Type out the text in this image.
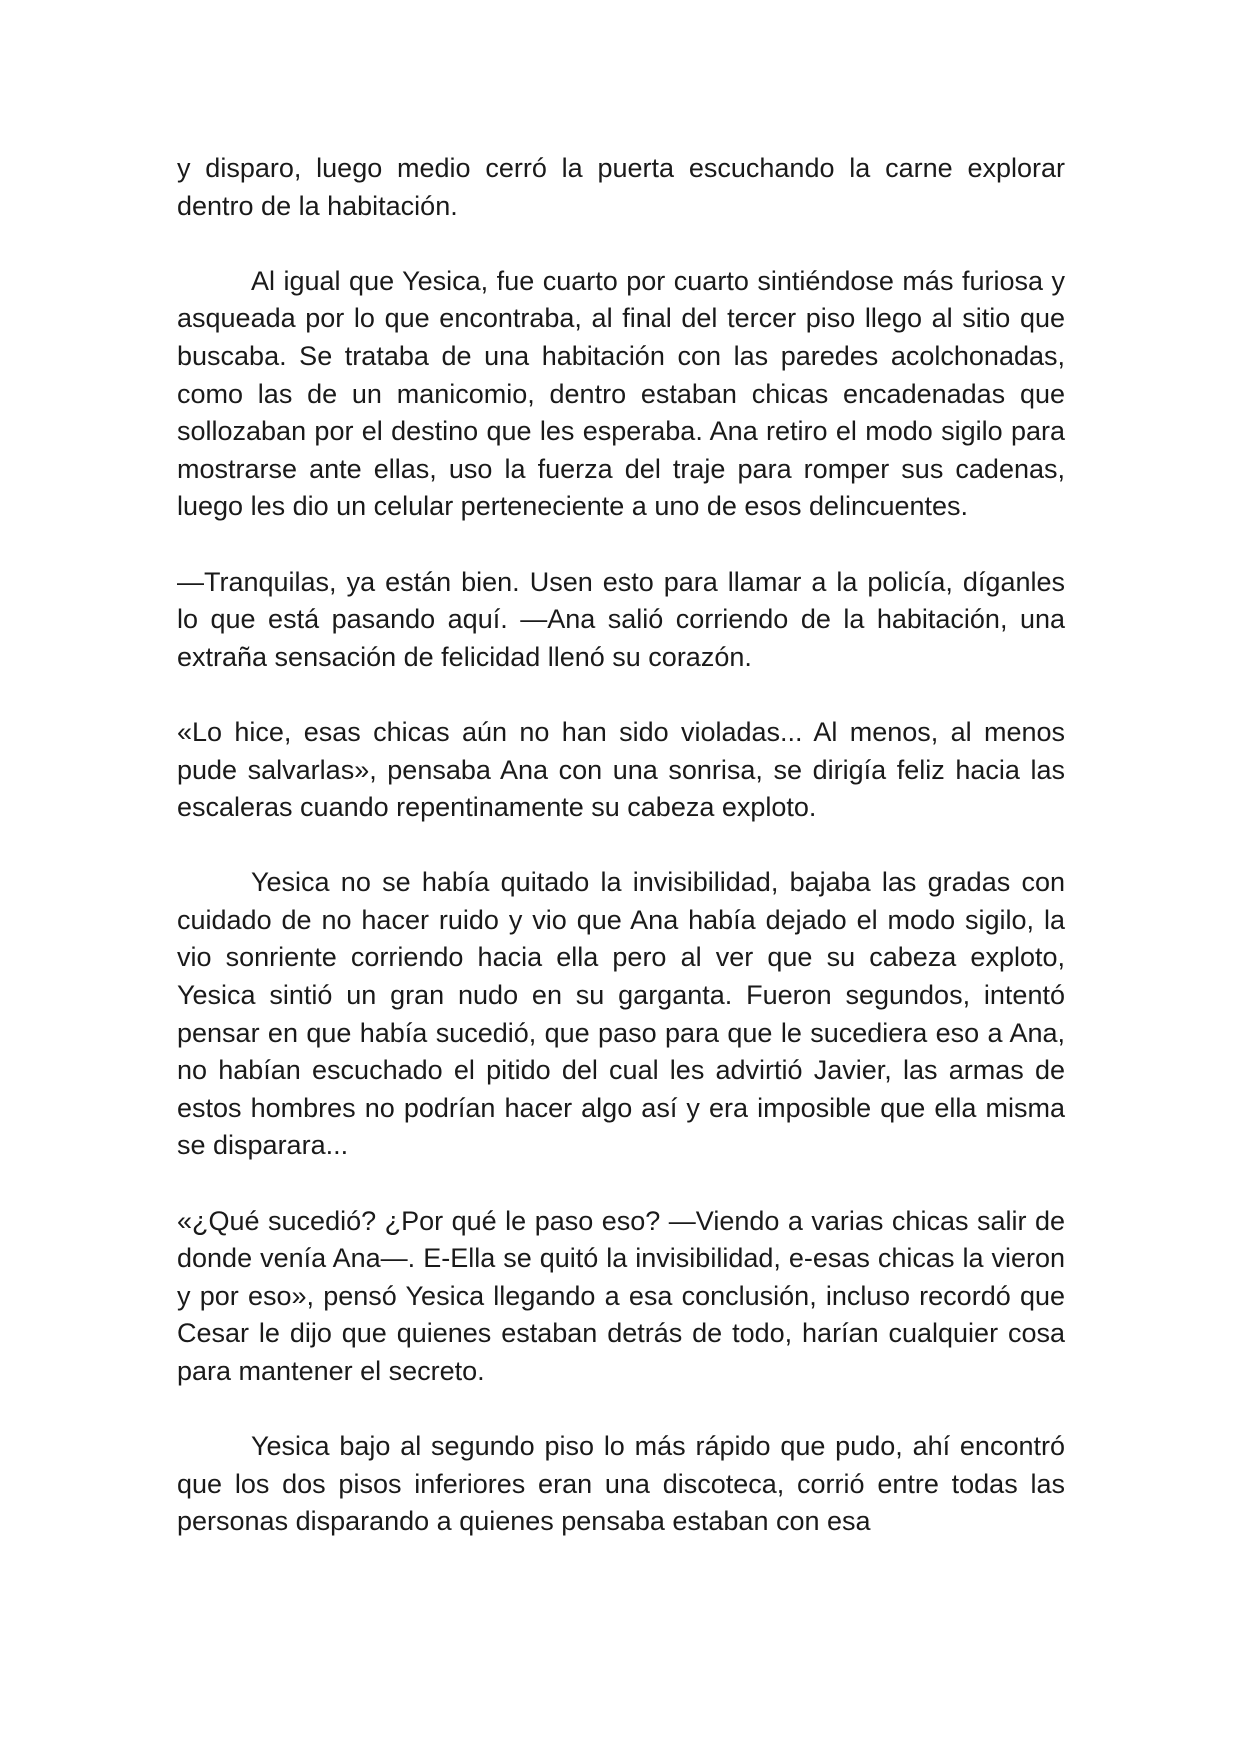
y disparo, luego medio cerró la puerta escuchando la carne explorar dentro de la habitación.

Al igual que Yesica, fue cuarto por cuarto sintiéndose más furiosa y asqueada por lo que encontraba, al final del tercer piso llego al sitio que buscaba. Se trataba de una habitación con las paredes acolchonadas, como las de un manicomio, dentro estaban chicas encadenadas que sollozaban por el destino que les esperaba. Ana retiro el modo sigilo para mostrarse ante ellas, uso la fuerza del traje para romper sus cadenas, luego les dio un celular perteneciente a uno de esos delincuentes.

—Tranquilas, ya están bien. Usen esto para llamar a la policía, díganles lo que está pasando aquí. —Ana salió corriendo de la habitación, una extraña sensación de felicidad llenó su corazón.

«Lo hice, esas chicas aún no han sido violadas... Al menos, al menos pude salvarlas», pensaba Ana con una sonrisa, se dirigía feliz hacia las escaleras cuando repentinamente su cabeza exploto.

Yesica no se había quitado la invisibilidad, bajaba las gradas con cuidado de no hacer ruido y vio que Ana había dejado el modo sigilo, la vio sonriente corriendo hacia ella pero al ver que su cabeza exploto, Yesica sintió un gran nudo en su garganta. Fueron segundos, intentó pensar en que había sucedió, que paso para que le sucediera eso a Ana, no habían escuchado el pitido del cual les advirtió Javier, las armas de estos hombres no podrían hacer algo así y era imposible que ella misma se disparara...

«¿Qué sucedió? ¿Por qué le paso eso? —Viendo a varias chicas salir de donde venía Ana—. E-Ella se quitó la invisibilidad, e-esas chicas la vieron y por eso», pensó Yesica llegando a esa conclusión, incluso recordó que Cesar le dijo que quienes estaban detrás de todo, harían cualquier cosa para mantener el secreto.

Yesica bajo al segundo piso lo más rápido que pudo, ahí encontró que los dos pisos inferiores eran una discoteca, corrió entre todas las personas disparando a quienes pensaba estaban con esa
